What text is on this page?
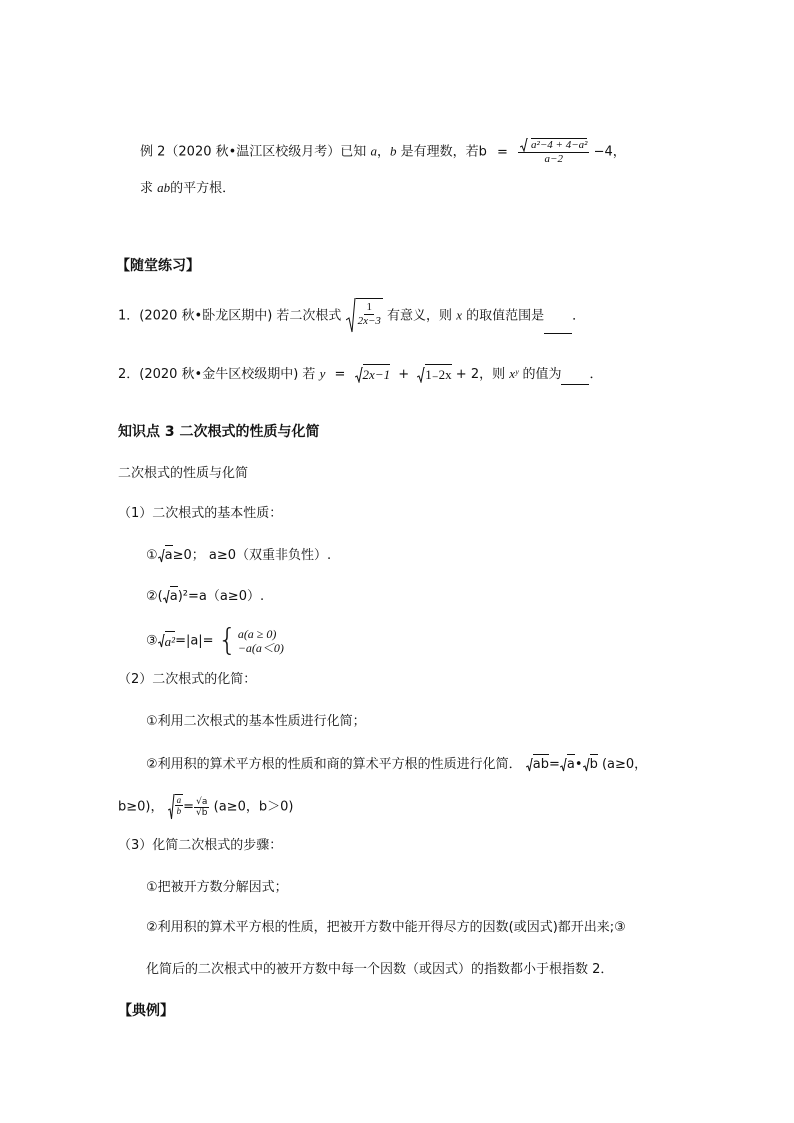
例 2（2020 秋•温江区校级月考）已知 a，b 是有理数，若$b = \frac{\text{a²−4 + 4−a²}}{a-2} -4$，
求 ab的平方根．
【随堂练习】
1．(2020 秋•卧龙区期中) 若二次根式 $\frac{1}{2x-3}$ 有意义，则 x 的取值范围是 ．
2．(2020 秋•金牛区校级期中) 若 y = 2x−1 + 1₋2x + 2，则 xʸ 的值为 ．
知识点 3 二次根式的性质与化简
二次根式的性质与化简
（1）二次根式的基本性质：
① a ≥0； a≥0（双重非负性）.
②( a )²=a（a≥0）.
③ a² =|a|= { a(a ≥ 0)
−a(a＜0)
（2）二次根式的化简：
①利用二次根式的基本性质进行化简；
②利用积的算术平方根的性质和商的算术平方根的性质进行化简． ab = a • b (a≥0，
b≥0)， $\frac{a}{b} = \frac{√a}{√b} (a\ge 0$，b＞0)
（3）化简二次根式的步骤：
①把被开方数分解因式；
②利用积的算术平方根的性质，把被开方数中能开得尽方的因数(或因式)都开出来;③
化简后的二次根式中的被开方数中每一个因数（或因式）的指数都小于根指数 2．
【典例】
